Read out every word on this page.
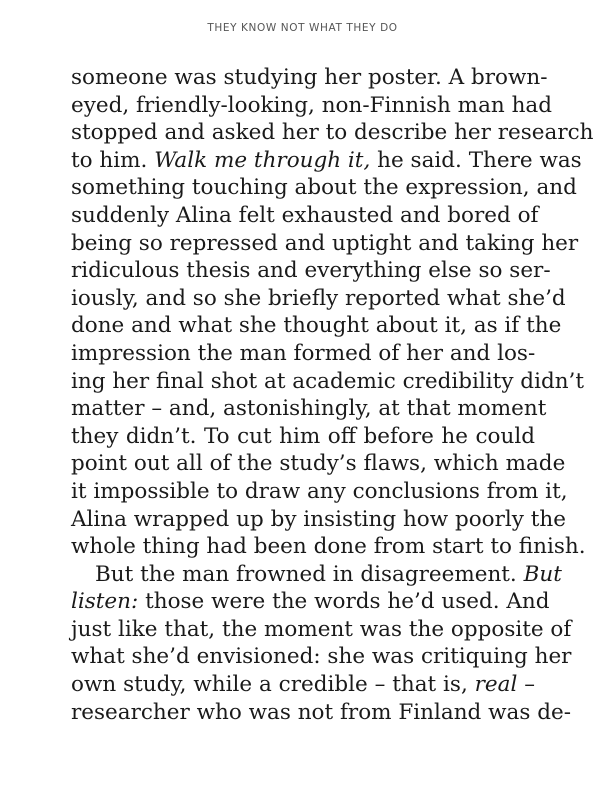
THEY KNOW NOT WHAT THEY DO
someone was studying her poster. A brown-
eyed, friendly-looking, non-Finnish man had
stopped and asked her to describe her research
to him. Walk me through it, he said. There was
something touching about the expression, and
suddenly Alina felt exhausted and bored of
being so repressed and uptight and taking her
ridiculous thesis and everything else so ser-
iously, and so she briefly reported what she’d
done and what she thought about it, as if the
impression the man formed of her and los-
ing her final shot at academic credibility didn’t
matter – and, astonishingly, at that moment
they didn’t. To cut him off before he could
point out all of the study’s flaws, which made
it impossible to draw any conclusions from it,
Alina wrapped up by insisting how poorly the
whole thing had been done from start to finish.
But the man frowned in disagreement. But
listen: those were the words he’d used. And
just like that, the moment was the opposite of
what she’d envisioned: she was critiquing her
own study, while a credible – that is, real –
researcher who was not from Finland was de-
